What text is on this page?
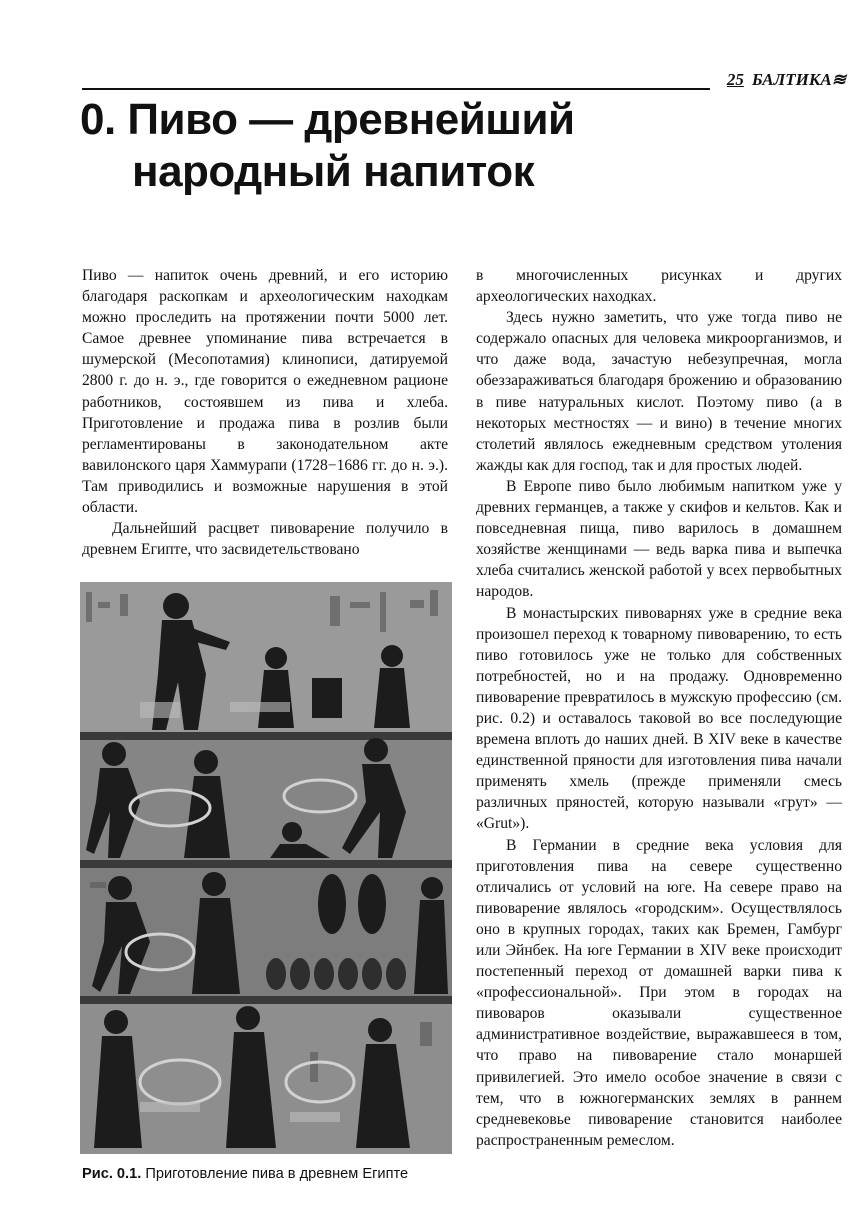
25 БАЛТИКА≋
0. Пиво — древнейший
народный напиток

Пиво — напиток очень древний, и его историю благодаря раскопкам и археологическим находкам можно проследить на протяжении почти 5000 лет. Самое древнее упоминание пива встречается в шумерской (Месопотамия) клинописи, датируемой 2800 г. до н. э., где говорится о ежедневном рационе работников, состоявшем из пива и хлеба. Приготовление и продажа пива в розлив были регламентированы в законодательном акте вавилонского царя Хаммурапи (1728−1686 гг. до н. э.). Там приводились и возможные нарушения в этой области.

Дальнейший расцвет пивоварение получило в древнем Египте, что засвидетельствовано

в многочисленных рисунках и других археологических находках.

Здесь нужно заметить, что уже тогда пиво не содержало опасных для человека микроорганизмов, и что даже вода, зачастую небезупречная, могла обеззараживаться благодаря брожению и образованию в пиве натуральных кислот. Поэтому пиво (а в некоторых местностях — и вино) в течение многих столетий являлось ежедневным средством утоления жажды как для господ, так и для простых людей.

В Европе пиво было любимым напитком уже у древних германцев, а также у скифов и кельтов. Как и повседневная пища, пиво варилось в домашнем хозяйстве женщинами — ведь варка пива и выпечка хлеба считались женской работой у всех первобытных народов.

В монастырских пивоварнях уже в средние века произошел переход к товарному пивоварению, то есть пиво готовилось уже не только для собственных потребностей, но и на продажу. Одновременно пивоварение превратилось в мужскую профессию (см. рис. 0.2) и оставалось таковой во все последующие времена вплоть до наших дней. В XIV веке в качестве единственной пряности для изготовления пива начали применять хмель (прежде применяли смесь различных пряностей, которую называли «грут» — «Grut»).

В Германии в средние века условия для приготовления пива на севере существенно отличались от условий на юге. На севере право на пивоварение являлось «городским». Осуществлялось оно в крупных городах, таких как Бремен, Гамбург или Эйнбек. На юге Германии в XIV веке происходит постепенный переход от домашней варки пива к «профессиональной». При этом в городах на пивоваров оказывали существенное административное воздействие, выражавшееся в том, что право на пивоварение стало монаршей привилегией. Это имело особое значение в связи с тем, что в южногерманских землях в раннем средневековье пивоварение становится наиболее распространенным ремеслом.

Рис. 0.1. Приготовление пива в древнем Египте
